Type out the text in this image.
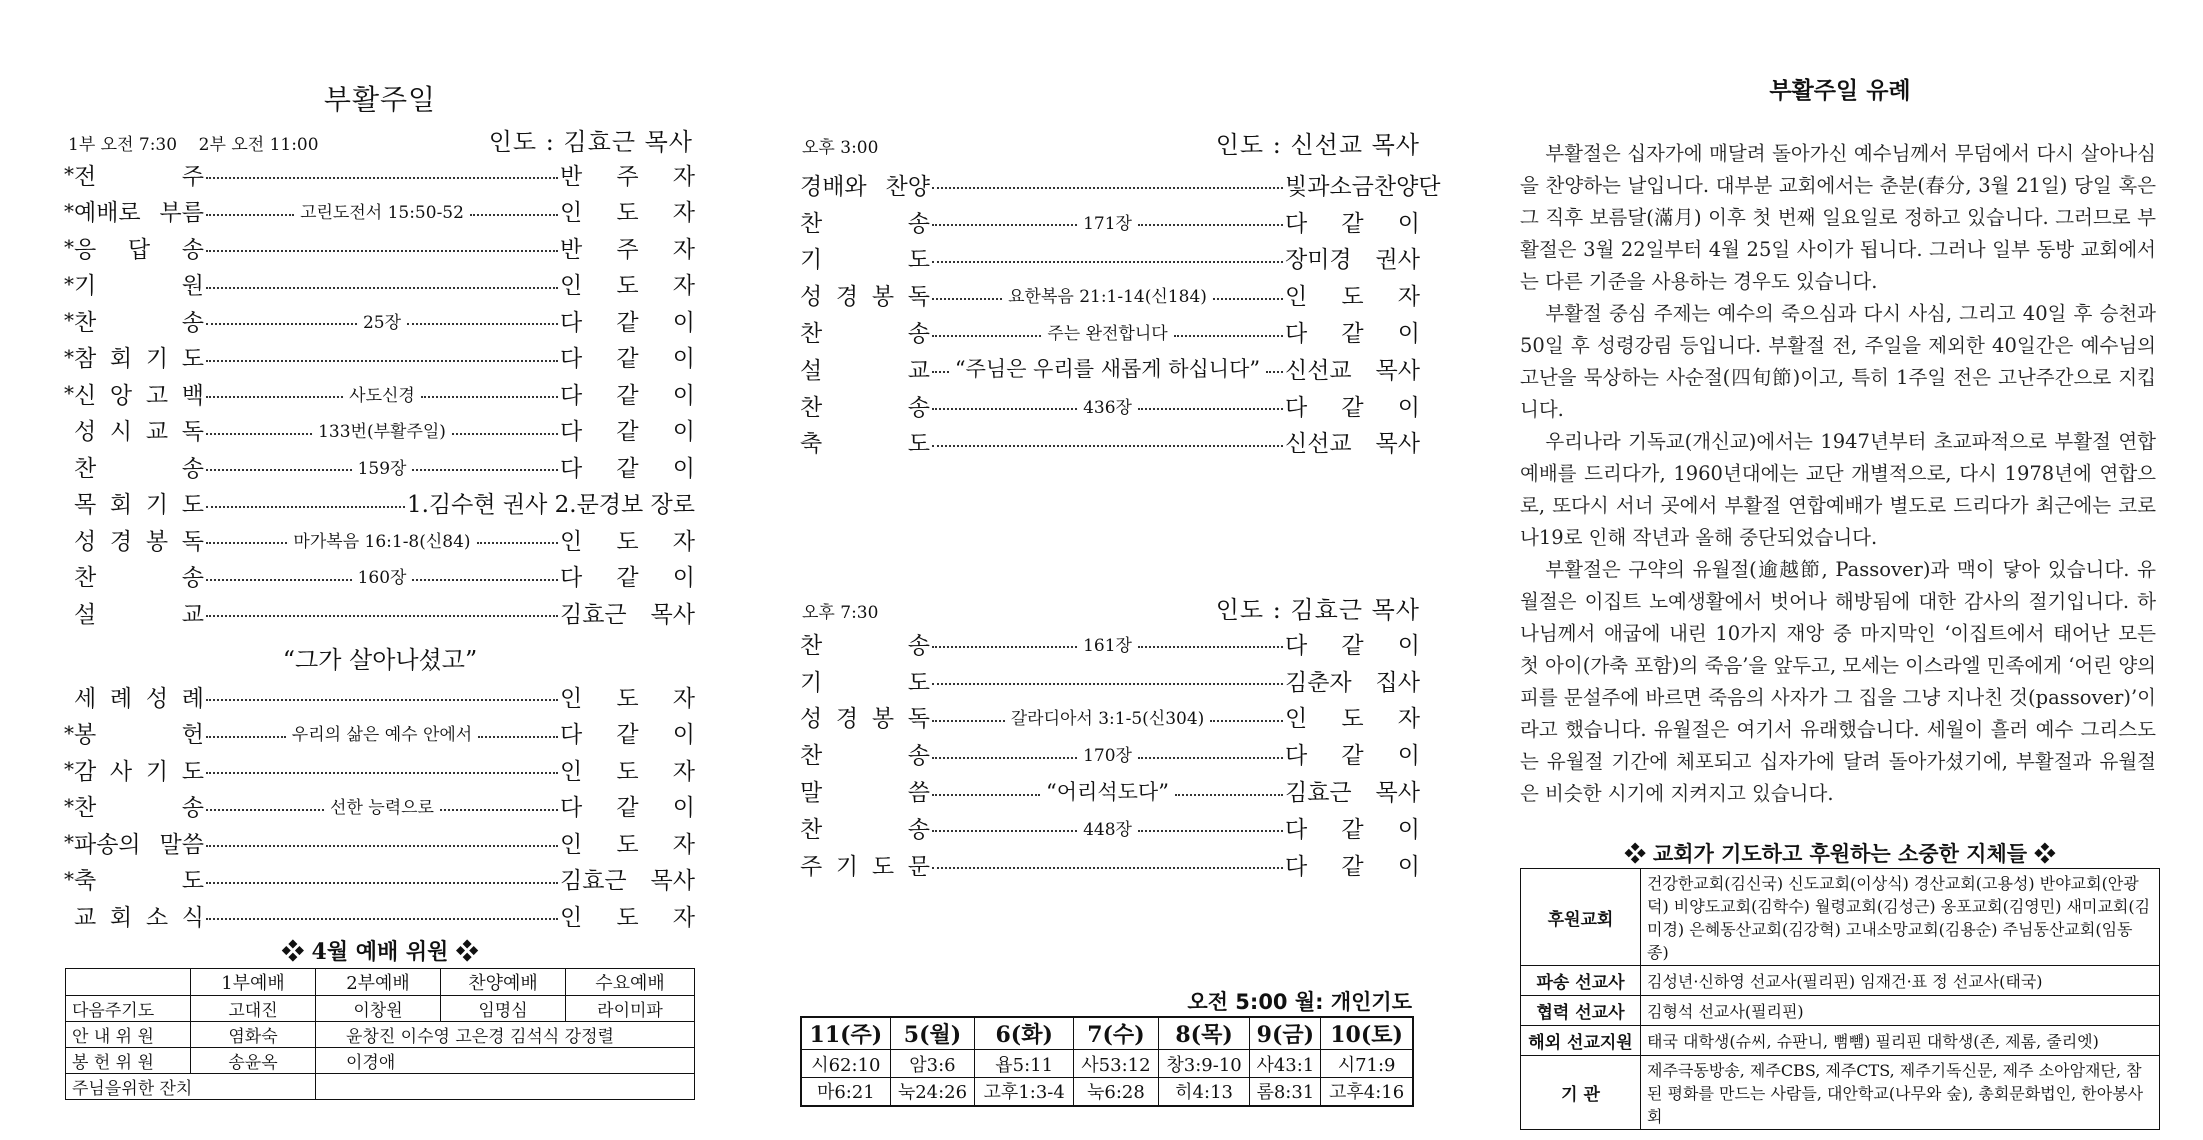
부활주일
1부 오전 7:30    2부 오전 11:00	인도 : 김효근 목사
* 전 주	반 주 자
* 예배로 부름	고린도전서 15:50-52	인 도 자
* 응 답 송	반 주 자
* 기 원	인 도 자
* 찬 송	25장	다 같 이
* 참 회 기 도	다 같 이
* 신 앙 고 백	사도신경	다 같 이
성 시 교 독	133번(부활주일)	다 같 이
찬 송	159장	다 같 이
목 회 기 도	1.김수현 권사 2.문경보 장로
성 경 봉 독	마가복음 16:1-8(신84)	인 도 자
찬 송	160장	다 같 이
설 교	김효근 목사
“그가 살아나셨고”
세 례 성 례	인 도 자
* 봉 헌	우리의 삶은 예수 안에서	다 같 이
* 감 사 기 도	인 도 자
* 찬 송	선한 능력으로	다 같 이
* 파송의 말씀	인 도 자
* 축 도	김효근 목사
교 회 소 식	인 도 자
❖ 4월 예배 위원 ❖
	1부예배	2부예배	찬양예배	수요예배
다음주기도	고대진	이창원	임명심	라이미파
안 내 위 원	염화숙	윤창진 이수영 고은경 김석식 강정렬		
봉 헌 위 원	송윤옥	이경애		
주님을위한 잔치				
오후 3:00	인도 : 신선교 목사
경배와 찬양	빛과소금찬양단
찬 송	171장	다 같 이
기 도	장미경 권사
성 경 봉 독	요한복음 21:1-14(신184)	인 도 자
찬 송	주는 완전합니다	다 같 이
설 교 “주님은 우리를 새롭게 하십니다” 신선교 목사
찬 송	436장	다 같 이
축 도	신선교 목사
오후 7:30	인도 : 김효근 목사
찬 송	161장	다 같 이
기 도	김춘자 집사
성 경 봉 독	갈라디아서 3:1-5(신304)	인 도 자
찬 송	170장	다 같 이
말 씀	“어리석도다”	김효근 목사
찬 송	448장	다 같 이
주 기 도 문	다 같 이
오전 5:00 월: 개인기도
11(주)	5(월)	6(화)	7(수)	8(목)	9(금)	10(토)
시62:10	암3:6	욥5:11	사53:12	창3:9-10	사43:1	시71:9
마6:21	눅24:26	고후1:3-4	눅6:28	히4:13	롬8:31	고후4:16
부활주일 유례

부활절은 십자가에 매달려 돌아가신 예수님께서 무덤에서 다시 살아나심을 찬양하는 날입니다. 대부분 교회에서는 춘분(春分, 3월 21일) 당일 혹은 그 직후 보름달(滿月) 이후 첫 번째 일요일로 정하고 있습니다. 그러므로 부활절은 3월 22일부터 4월 25일 사이가 됩니다. 그러나 일부 동방 교회에서는 다른 기준을 사용하는 경우도 있습니다.

부활절 중심 주제는 예수의 죽으심과 다시 사심, 그리고 40일 후 승천과 50일 후 성령강림 등입니다. 부활절 전, 주일을 제외한 40일간은 예수님의 고난을 묵상하는 사순절(四旬節)이고, 특히 1주일 전은 고난주간으로 지킵니다.

우리나라 기독교(개신교)에서는 1947년부터 초교파적으로 부활절 연합예배를 드리다가, 1960년대에는 교단 개별적으로, 다시 1978년에 연합으로, 또다시 서너 곳에서 부활절 연합예배가 별도로 드리다가 최근에는 코로나19로 인해 작년과 올해 중단되었습니다.

부활절은 구약의 유월절(逾越節, Passover)과 맥이 닿아 있습니다. 유월절은 이집트 노예생활에서 벗어나 해방됨에 대한 감사의 절기입니다. 하나님께서 애굽에 내린 10가지 재앙 중 마지막인 ‘이집트에서 태어난 모든 첫 아이(가축 포함)의 죽음’을 앞두고, 모세는 이스라엘 민족에게 ‘어린 양의 피를 문설주에 바르면 죽음의 사자가 그 집을 그냥 지나친 것(passover)’이라고 했습니다. 유월절은 여기서 유래했습니다. 세월이 흘러 예수 그리스도는 유월절 기간에 체포되고 십자가에 달려 돌아가셨기에, 부활절과 유월절은 비슷한 시기에 지켜지고 있습니다.

❖ 교회가 기도하고 후원하는 소중한 지체들 ❖
후원교회	건강한교회(김신국) 신도교회(이상식) 경산교회(고용성) 반야교회(안광덕) 비양도교회(김학수) 월령교회(김성근) 옹포교회(김영민) 새미교회(김미경) 은혜동산교회(김강혁) 고내소망교회(김용순) 주님동산교회(임동종)
파송 선교사	김성년·신하영 선교사(필리핀) 임재건·표 정 선교사(태국)
협력 선교사	김형석 선교사(필리핀)
해외 선교지원	태국 대학생(슈씨, 슈판니, 뻠뺌) 필리핀 대학생(존, 제롬, 줄리엣)
기 관	제주극동방송, 제주CBS, 제주CTS, 제주기독신문, 제주 소아암재단, 참된 평화를 만드는 사람들, 대안학교(나무와 숲), 총회문화법인, 한아봉사회
